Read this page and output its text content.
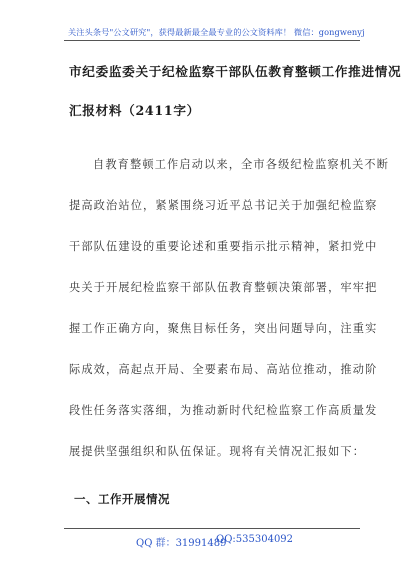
关注头条号"公文研究"，获得最新最全最专业的公文资料库！ 微信：gongwenyj
市纪委监委关于纪检监察干部队伍教育整顿工作推进情况
汇报材料（2411字）
自教育整顿工作启动以来，全市各级纪检监察机关不断
提高政治站位，紧紧围绕习近平总书记关于加强纪检监察
干部队伍建设的重要论述和重要指示批示精神，紧扣党中
央关于开展纪检监察干部队伍教育整顿决策部署，牢牢把
握工作正确方向，聚焦目标任务，突出问题导向，注重实
际成效，高起点开局、全要素布局、高站位推动，推动阶
段性任务落实落细，为推动新时代纪检监察工作高质量发
展提供坚强组织和队伍保证。现将有关情况汇报如下：
一、工作开展情况
QQ 群：31991489
QQ:535304092
